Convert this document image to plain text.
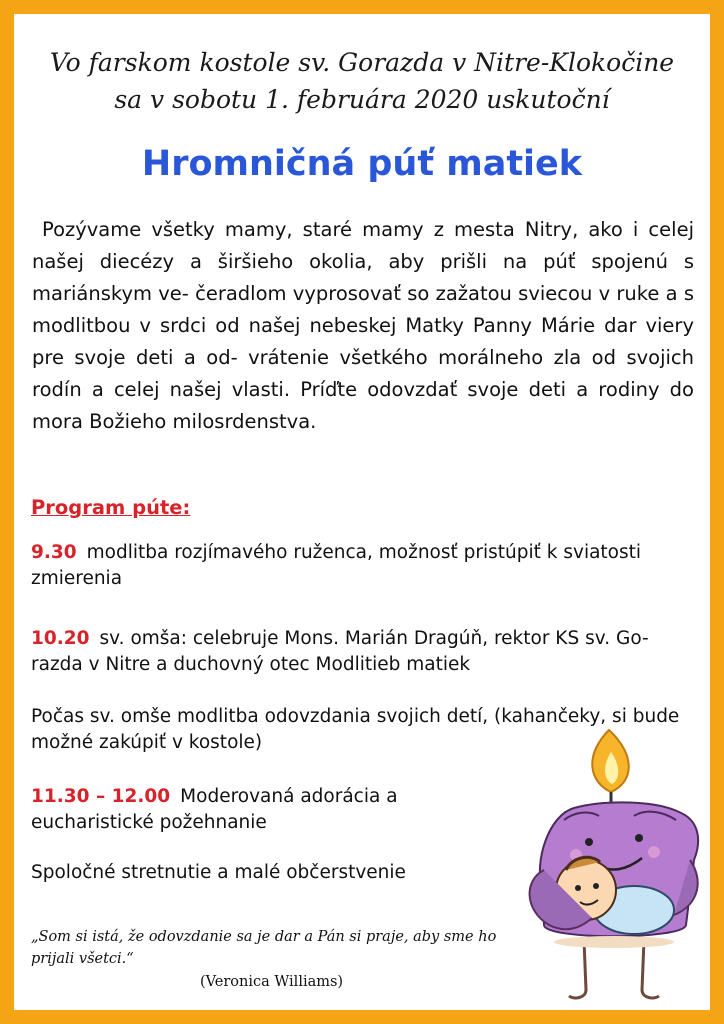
Vo farskom kostole sv. Gorazda v Nitre-Klokočine
sa v sobotu 1. februára 2020 uskutoční
Hromničná púť matiek
Pozývame všetky mamy, staré mamy z mesta Nitry, ako i celej našej diecézy a širšieho okolia, aby prišli na púť spojenú s mariánskym ve- čeradlom vyprosovať so zažatou sviecou v ruke a s modlitbou v srdci od našej nebeskej Matky Panny Márie dar viery pre svoje deti a od- vrátenie všetkého morálneho zla od svojich rodín a celej našej vlasti. Príďte odovzdať svoje deti a rodiny do mora Božieho milosrdenstva.
Program púte:
9.30 modlitba rozjímavého ruženca, možnosť pristúpiť k sviatosti zmierenia
10.20 sv. omša: celebruje Mons. Marián Dragúň, rektor KS sv. Go-razda v Nitre a duchovný otec Modlitieb matiek
Počas sv. omše modlitba odovzdania svojich detí, (kahančeky, si bude možné zakúpiť v kostole)
11.30 – 12.00 Moderovaná adorácia a eucharistické požehnanie
Spoločné stretnutie a malé občerstvenie
„Som si istá, že odovzdanie sa je dar a Pán si praje, aby sme ho prijali všetci.“
(Veronica Williams)
